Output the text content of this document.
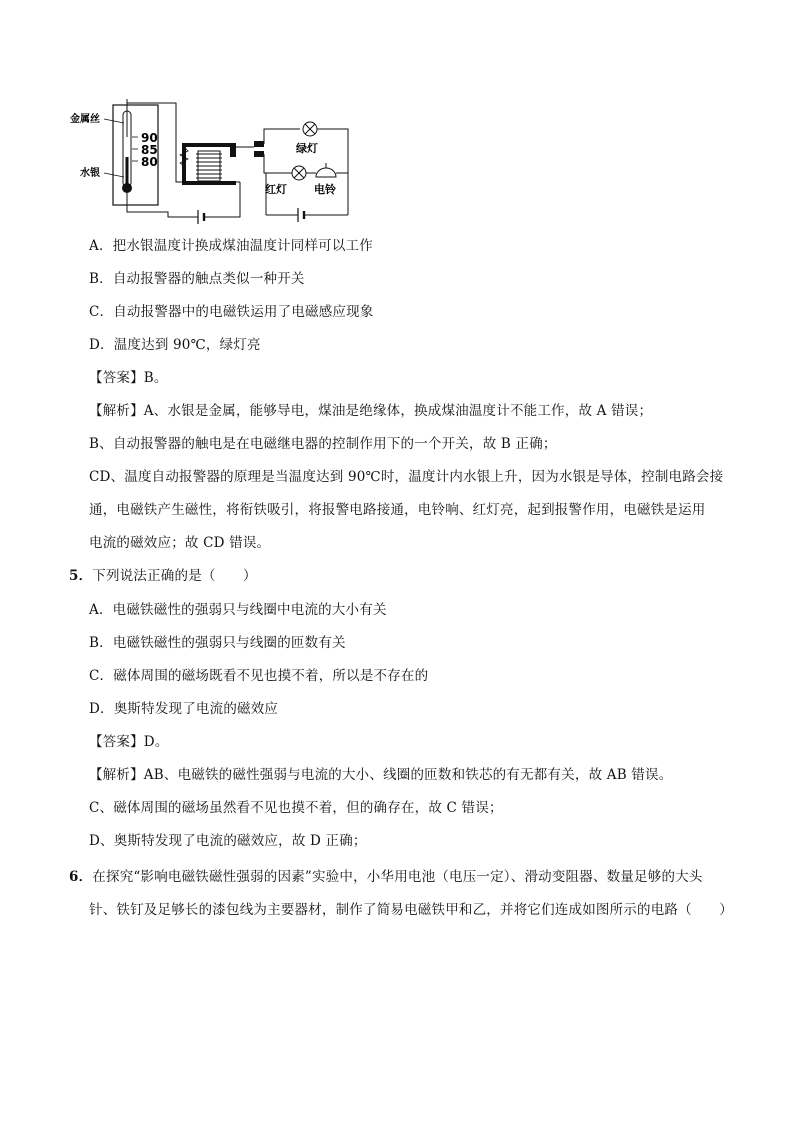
90
85
80
金属丝
水银
绿灯
红灯 电铃
A．把水银温度计换成煤油温度计同样可以工作
B．自动报警器的触点类似一种开关
C．自动报警器中的电磁铁运用了电磁感应现象
D．温度达到 90℃，绿灯亮
【答案】B。
【解析】A、水银是金属，能够导电，煤油是绝缘体，换成煤油温度计不能工作，故 A 错误；
B、自动报警器的触电是在电磁继电器的控制作用下的一个开关，故 B 正确；
CD、温度自动报警器的原理是当温度达到 90℃时，温度计内水银上升，因为水银是导体，控制电路会接
通，电磁铁产生磁性，将衔铁吸引，将报警电路接通，电铃响、红灯亮，起到报警作用，电磁铁是运用
电流的磁效应；故 CD 错误。
5．下列说法正确的是（　　）
A．电磁铁磁性的强弱只与线圈中电流的大小有关
B．电磁铁磁性的强弱只与线圈的匝数有关
C．磁体周围的磁场既看不见也摸不着，所以是不存在的
D．奥斯特发现了电流的磁效应
【答案】D。
【解析】AB、电磁铁的磁性强弱与电流的大小、线圈的匝数和铁芯的有无都有关，故 AB 错误。
C、磁体周围的磁场虽然看不见也摸不着，但的确存在，故 C 错误；
D、奥斯特发现了电流的磁效应，故 D 正确；
6．在探究“影响电磁铁磁性强弱的因素”实验中，小华用电池（电压一定）、滑动变阻器、数量足够的大头
针、铁钉及足够长的漆包线为主要器材，制作了简易电磁铁甲和乙，并将它们连成如图所示的电路（　　）
